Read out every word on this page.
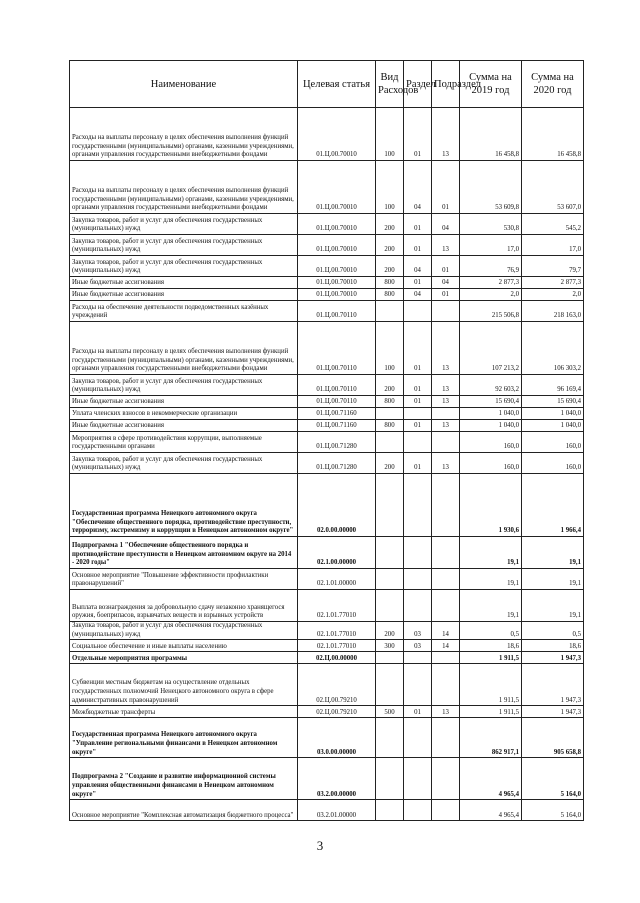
Наименование	Целевая статья	Вид Расходов	Раздел	Подраздел	Сумма на 2019 год	Сумма на 2020 год
Расходы на выплаты персоналу в целях обеспечения выполнения функций государственными (муниципальными) органами, казенными учреждениями, органами управления государственными внебюджетными фондами	01.Ц.00.70010	100	01	13	16 458,8	16 458,8
Расходы на выплаты персоналу в целях обеспечения выполнения функций государственными (муниципальными) органами, казенными учреждениями, органами управления государственными внебюджетными фондами	01.Ц.00.70010	100	04	01	53 609,8	53 607,0
Закупка товаров, работ и услуг для обеспечения государственных (муниципальных) нужд	01.Ц.00.70010	200	01	04	530,8	545,2
Закупка товаров, работ и услуг для обеспечения государственных (муниципальных) нужд	01.Ц.00.70010	200	01	13	17,0	17,0
Закупка товаров, работ и услуг для обеспечения государственных (муниципальных) нужд	01.Ц.00.70010	200	04	01	76,9	79,7
Иные бюджетные ассигнования	01.Ц.00.70010	800	01	04	2 877,3	2 877,3
Иные бюджетные ассигнования	01.Ц.00.70010	800	04	01	2,0	2,0
Расходы на обеспечение деятельности подведомственных казённых учреждений	01.Ц.00.70110				215 506,8	218 163,0
Расходы на выплаты персоналу в целях обеспечения выполнения функций государственными (муниципальными) органами, казенными учреждениями, органами управления государственными внебюджетными фондами	01.Ц.00.70110	100	01	13	107 213,2	106 303,2
Закупка товаров, работ и услуг для обеспечения государственных (муниципальных) нужд	01.Ц.00.70110	200	01	13	92 603,2	96 169,4
Иные бюджетные ассигнования	01.Ц.00.70110	800	01	13	15 690,4	15 690,4
Уплата членских взносов в некоммерческие организации	01.Ц.00.71160				1 040,0	1 040,0
Иные бюджетные ассигнования	01.Ц.00.71160	800	01	13	1 040,0	1 040,0
Мероприятия в сфере противодействия коррупции, выполняемые государственными органами	01.Ц.00.71280				160,0	160,0
Закупка товаров, работ и услуг для обеспечения государственных (муниципальных) нужд	01.Ц.00.71280	200	01	13	160,0	160,0
Государственная программа Ненецкого автономного округа "Обеспечение общественного порядка, противодействие преступности, терроризму, экстремизму и коррупции в Ненецком автономном округе"	02.0.00.00000				1 930,6	1 966,4
Подпрограмма 1 "Обеспечение общественного порядка и противодействие преступности в Ненецком автономном округе на 2014 - 2020 годы"	02.1.00.00000				19,1	19,1
Основное мероприятие "Повышение эффективности профилактики правонарушений"	02.1.01.00000				19,1	19,1
Выплата вознаграждения за добровольную сдачу незаконно хранящегося оружия, боеприпасов, взрывчатых веществ и взрывных устройств	02.1.01.77010				19,1	19,1
Закупка товаров, работ и услуг для обеспечения государственных (муниципальных) нужд	02.1.01.77010	200	03	14	0,5	0,5
Социальное обеспечение и иные выплаты населению	02.1.01.77010	300	03	14	18,6	18,6
Отдельные мероприятия программы	02.Ц.00.00000				1 911,5	1 947,3
Субвенции местным бюджетам на осуществление отдельных государственных полномочий Ненецкого автономного округа в сфере административных правонарушений	02.Ц.00.79210				1 911,5	1 947,3
Межбюджетные трансферты	02.Ц.00.79210	500	01	13	1 911,5	1 947,3
Государственная программа Ненецкого автономного округа "Управление региональными финансами в Ненецком автономном округе"	03.0.00.00000				862 917,1	905 658,8
Подпрограмма 2 "Создание и развитие информационной системы управления общественными финансами в Ненецком автономном округе"	03.2.00.00000				4 965,4	5 164,0
Основное мероприятие "Комплексная автоматизация бюджетного процесса"	03.2.01.00000				4 965,4	5 164,0
3
